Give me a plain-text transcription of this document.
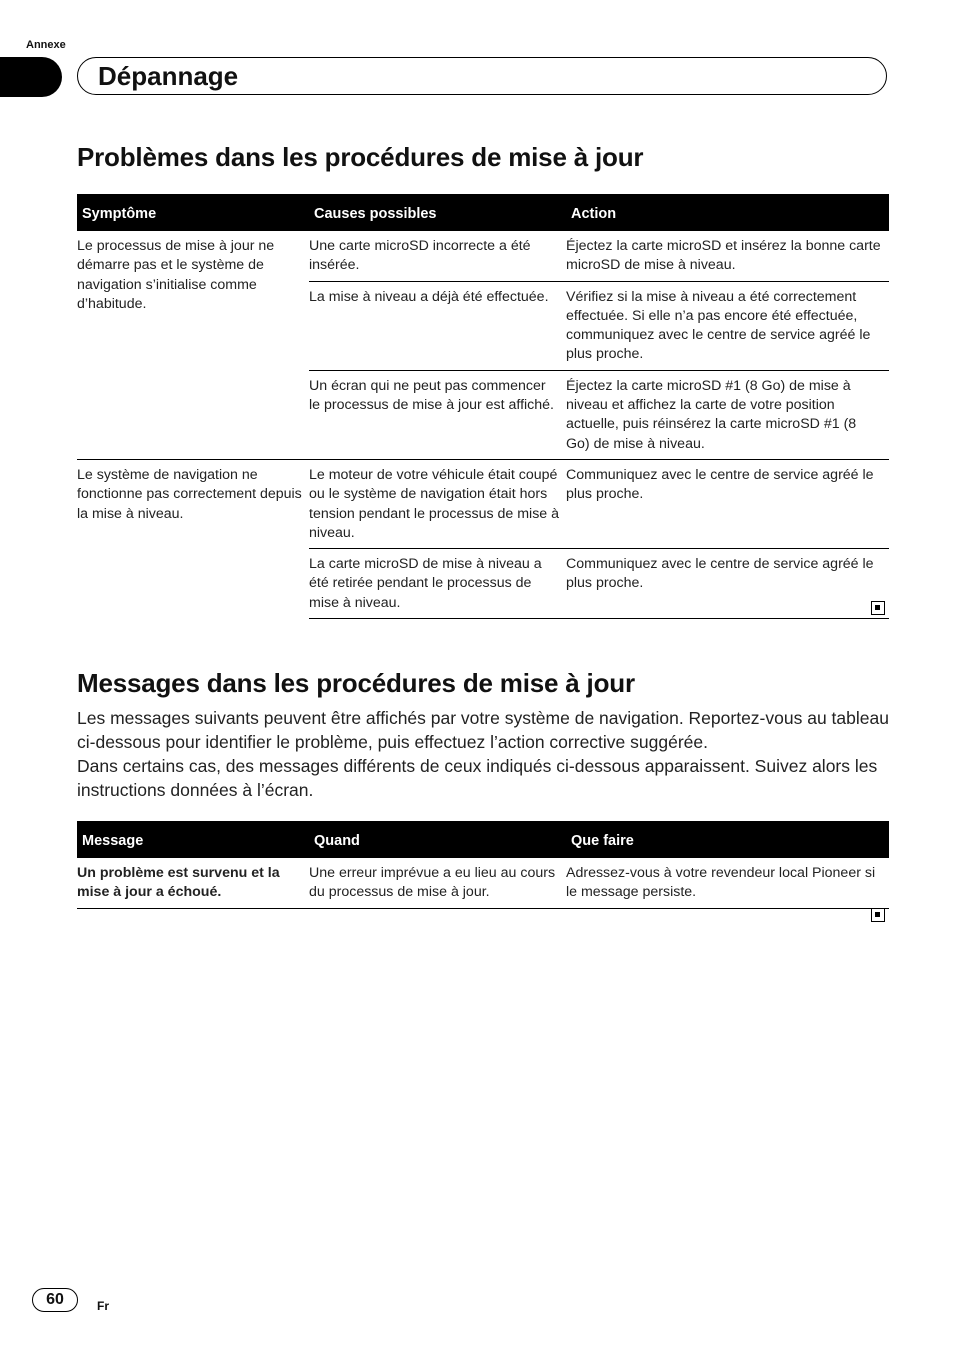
Annexe
Dépannage
Problèmes dans les procédures de mise à jour
Symptôme	Causes possibles	Action
Le processus de mise à jour ne démarre pas et le système de navigation s’initialise comme d’habitude.	Une carte microSD incorrecte a été insérée.	Éjectez la carte microSD et insérez la bonne carte microSD de mise à niveau.
	La mise à niveau a déjà été effectuée.	Vérifiez si la mise à niveau a été correctement effectuée. Si elle n’a pas encore été effectuée, communiquez avec le centre de service agréé le plus proche.
	Un écran qui ne peut pas commencer le processus de mise à jour est affiché.	Éjectez la carte microSD #1 (8 Go) de mise à niveau et affichez la carte de votre position actuelle, puis réinsérez la carte microSD #1 (8 Go) de mise à niveau.
Le système de navigation ne fonctionne pas correctement depuis la mise à niveau.	Le moteur de votre véhicule était coupé ou le système de navigation était hors tension pendant le processus de mise à niveau.	Communiquez avec le centre de service agréé le plus proche.
	La carte microSD de mise à niveau a été retirée pendant le processus de mise à niveau.	Communiquez avec le centre de service agréé le plus proche.
Messages dans les procédures de mise à jour

Les messages suivants peuvent être affichés par votre système de navigation. Reportez-vous au tableau ci-dessous pour identifier le problème, puis effectuez l’action corrective suggérée.

Dans certains cas, des messages différents de ceux indiqués ci-dessous apparaissent. Suivez alors les instructions données à l’écran.

Message	Quand	Que faire
Un problème est survenu et la mise à jour a échoué.	Une erreur imprévue a eu lieu au cours du processus de mise à jour.	Adressez-vous à votre revendeur local Pioneer si le message persiste.
60	Fr
